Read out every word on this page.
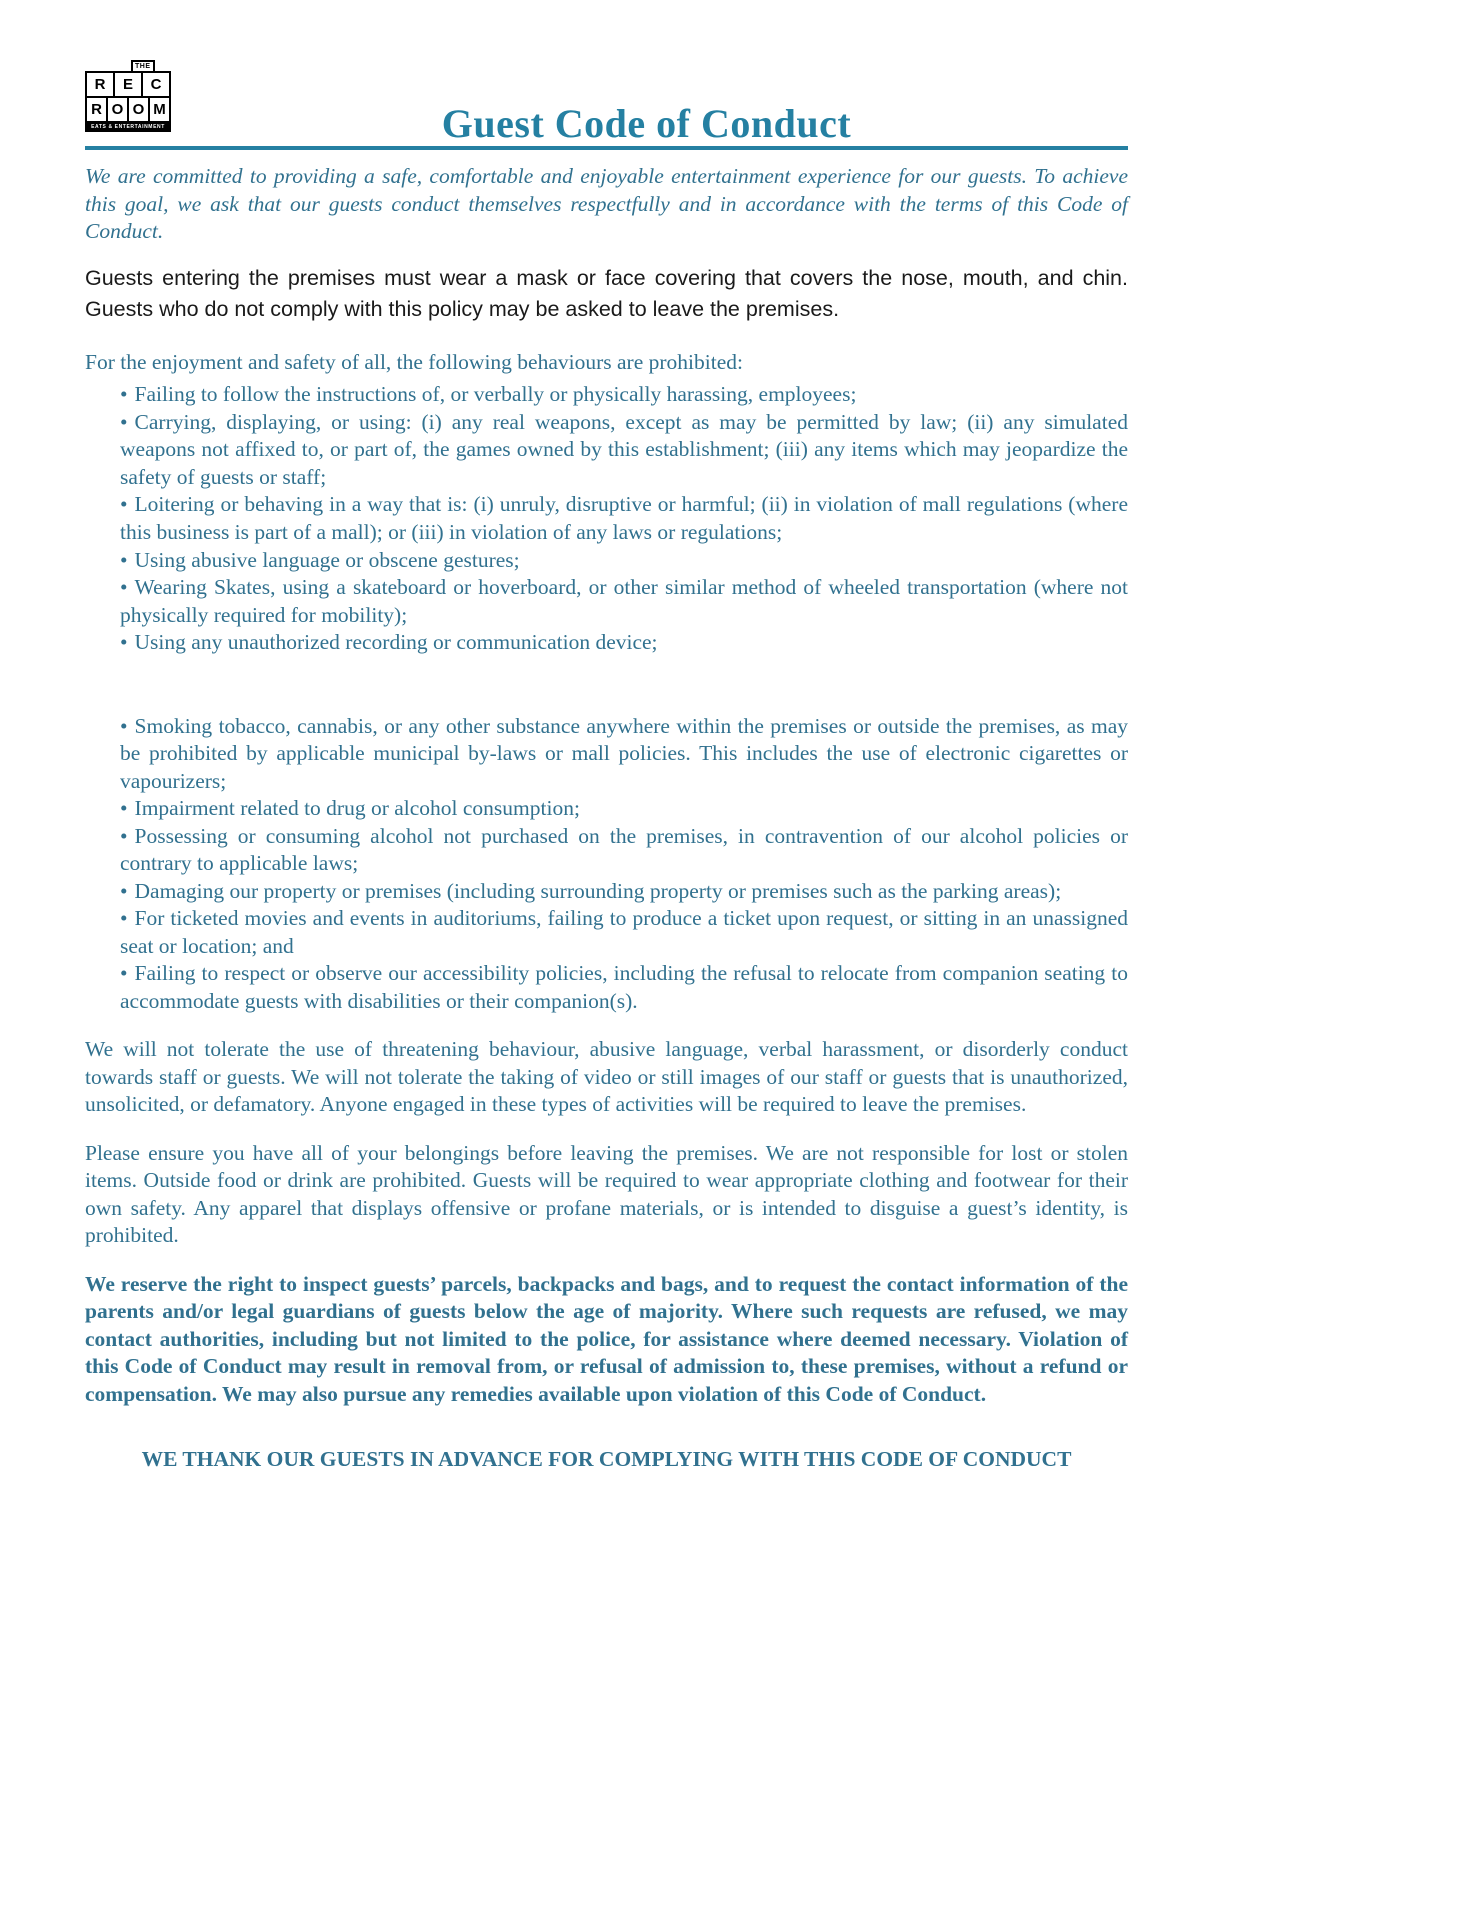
THE
R	E	C
R O O M
EATS & ENTERTAINMENT	Guest Code of Conduct

We are committed to providing a safe, comfortable and enjoyable entertainment experience for our guests. To achieve this goal, we ask that our guests conduct themselves respectfully and in accordance with the terms of this Code of Conduct.

Guests entering the premises must wear a mask or face covering that covers the nose, mouth, and chin. Guests who do not comply with this policy may be asked to leave the premises.

For the enjoyment and safety of all, the following behaviours are prohibited:

• Failing to follow the instructions of, or verbally or physically harassing, employees;

• Carrying, displaying, or using: (i) any real weapons, except as may be permitted by law; (ii) any simulated weapons not affixed to, or part of, the games owned by this establishment; (iii) any items which may jeopardize the safety of guests or staff;

• Loitering or behaving in a way that is: (i) unruly, disruptive or harmful; (ii) in violation of mall regulations (where this business is part of a mall); or (iii) in violation of any laws or regulations;

• Using abusive language or obscene gestures;

• Wearing Skates, using a skateboard or hoverboard, or other similar method of wheeled transportation (where not physically required for mobility);

• Using any unauthorized recording or communication device;

• Smoking tobacco, cannabis, or any other substance anywhere within the premises or outside the premises, as may be prohibited by applicable municipal by-laws or mall policies. This includes the use of electronic cigarettes or vapourizers;

• Impairment related to drug or alcohol consumption;

• Possessing or consuming alcohol not purchased on the premises, in contravention of our alcohol policies or contrary to applicable laws;

• Damaging our property or premises (including surrounding property or premises such as the parking areas);

• For ticketed movies and events in auditoriums, failing to produce a ticket upon request, or sitting in an unassigned seat or location; and

• Failing to respect or observe our accessibility policies, including the refusal to relocate from companion seating to accommodate guests with disabilities or their companion(s).

We will not tolerate the use of threatening behaviour, abusive language, verbal harassment, or disorderly conduct towards staff or guests. We will not tolerate the taking of video or still images of our staff or guests that is unauthorized, unsolicited, or defamatory. Anyone engaged in these types of activities will be required to leave the premises.

Please ensure you have all of your belongings before leaving the premises. We are not responsible for lost or stolen items. Outside food or drink are prohibited. Guests will be required to wear appropriate clothing and footwear for their own safety. Any apparel that displays offensive or profane materials, or is intended to disguise a guest’s identity, is prohibited.

We reserve the right to inspect guests’ parcels, backpacks and bags, and to request the contact information of the parents and/or legal guardians of guests below the age of majority. Where such requests are refused, we may contact authorities, including but not limited to the police, for assistance where deemed necessary. Violation of this Code of Conduct may result in removal from, or refusal of admission to, these premises, without a refund or compensation. We may also pursue any remedies available upon violation of this Code of Conduct.

WE THANK OUR GUESTS IN ADVANCE FOR COMPLYING WITH THIS CODE OF CONDUCT
